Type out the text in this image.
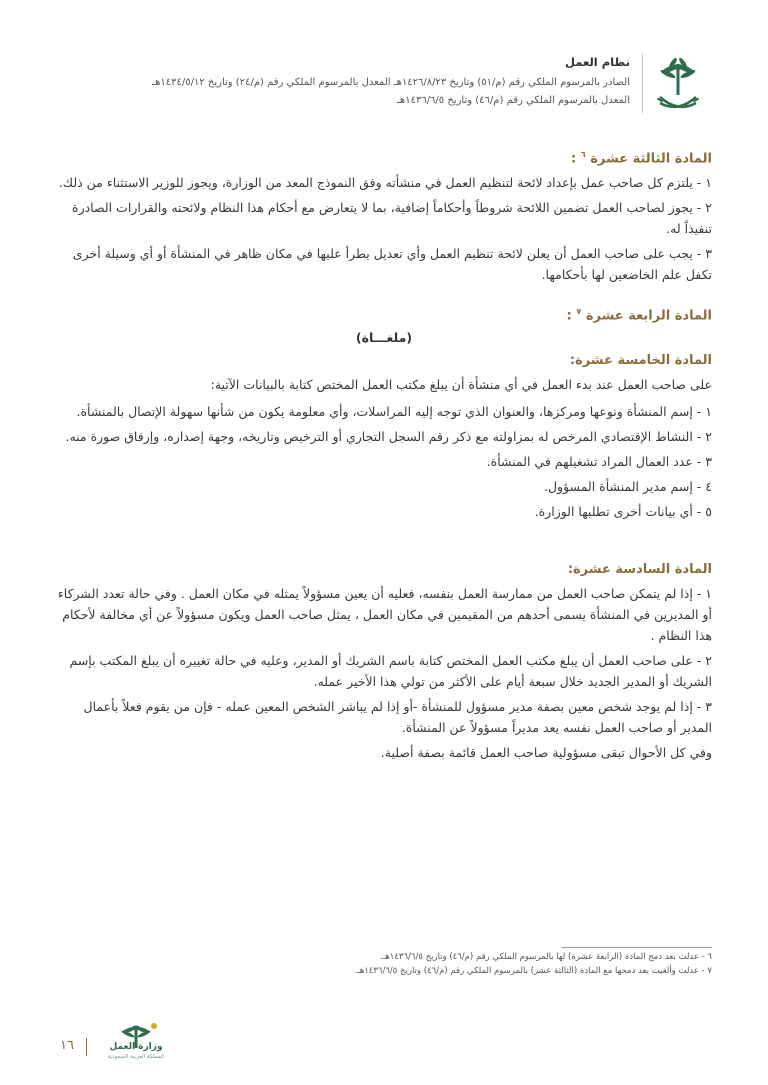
نظام العمل
الصادر بالمرسوم الملكي رقم (م/٥١) وتاريخ ١٤٢٦/٨/٢٣هـ المعدل بالمرسوم الملكي رقم (م/٢٤) وتاريخ ١٤٣٤/٥/١٢هـ
المعدل بالمرسوم الملكي رقم (م/٤٦) وتاريخ ١٤٣٦/٦/٥هـ
المادة الثالثة عشرة $^٦$ :

١ - يلتزم كل صاحب عمل بإعداد لائحة لتنظيم العمل في منشأته وفق النموذج المعد من الوزارة، ويجوز للوزير الاستثناء من ذلك.

٢ - يجوز لصاحب العمل تضمين اللائحة شروطاً وأحكاماً إضافية، بما لا يتعارض مع أحكام هذا النظام ولائحته والقرارات الصادرة تنفيذاً له.

٣ - يجب على صاحب العمل أن يعلن لائحة تنظيم العمل وأي تعديل يطرأ عليها في مكان ظاهر في المنشأة أو أي وسيلة أخرى تكفل علم الخاضعين لها بأحكامها.

المادة الرابعة عشرة $^٧$ :
(ملغـــاة)
المادة الخامسة عشرة:

على صاحب العمل عند بدء العمل في أي منشأة أن يبلغ مكتب العمل المختص كتابة بالبيانات الآتية:

١ - إسم المنشأة ونوعها ومركزها، والعنوان الذي توجه إليه المراسلات، وأي معلومة يكون من شأنها سهولة الإتصال بالمنشأة.

٢ - النشاط الإقتصادي المرخص له بمزاولته مع ذكر رقم السجل التجاري أو الترخيص وتاريخه، وجهة إصداره، وإرفاق صورة منه.

٣ - عدد العمال المراد تشغيلهم في المنشأة.

٤ - إسم مدير المنشأة المسؤول.

٥ - أي بيانات أخرى تطلبها الوزارة.

المادة السادسة عشرة:

١ - إذا لم يتمكن صاحب العمل من ممارسة العمل بنفسه، فعليه أن يعين مسؤولاً يمثله في مكان العمل . وفي حالة تعدد الشركاء أو المديرين في المنشأة يسمى أحدهم من المقيمين في مكان العمل ، يمثل صاحب العمل ويكون مسؤولاً عن أي مخالفة لأحكام هذا النظام .

٢ - على صاحب العمل أن يبلغ مكتب العمل المختص كتابة باسم الشريك أو المدير، وعليه في حالة تغييره أن يبلغ المكتب بإسم الشريك أو المدير الجديد خلال سبعة أيام على الأكثر من تولي هذا الأخير عمله.

٣ - إذا لم يوجد شخص معين بصفة مدير مسؤول للمنشأة -أو إذا لم يباشر الشخص المعين عمله - فإن من يقوم فعلاً بأعمال المدير أو صاحب العمل نفسه يعد مديراً مسؤولاً عن المنشأة.

وفي كل الأحوال تبقى مسؤولية صاحب العمل قائمة بصفة أصلية.

٦ - عدلت بعد دمج المادة (الرابعة عشرة) لها بالمرسوم الملكي رقم (م/٤٦) وتاريخ ١٤٣٦/٦/٥هـ.
٧ - عدلت وألغيت بعد دمجها مع المادة (الثالثة عشر) بالمرسوم الملكي رقم (م/٤٦) وتاريخ ١٤٣٦/٦/٥هـ.
١٦	وزارة العمل
المملكة العربية السعودية
